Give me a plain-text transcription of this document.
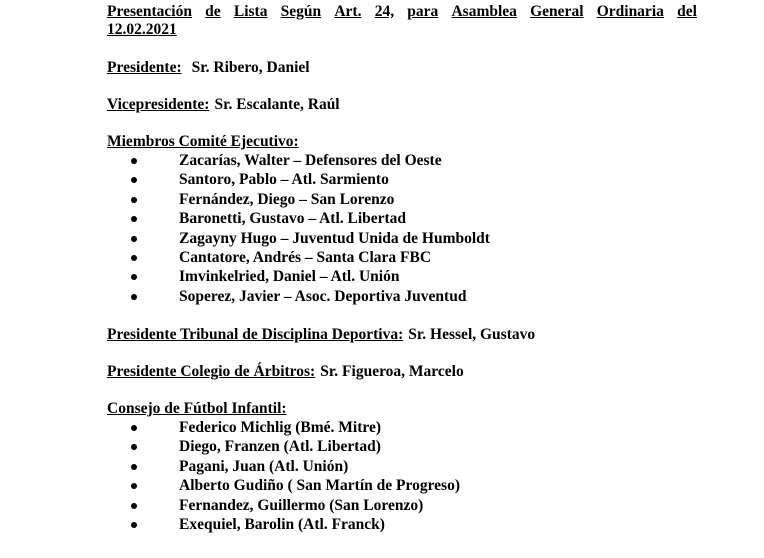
Presentación de Lista Según Art. 24, para Asamblea General Ordinaria del
12.02.2021
Presidente: Sr. Ribero, Daniel
Vicepresidente: Sr. Escalante, Raúl
Miembros Comité Ejecutivo:
Zacarías, Walter – Defensores del Oeste
Santoro, Pablo – Atl. Sarmiento
Fernández, Diego – San Lorenzo
Baronetti, Gustavo – Atl. Libertad
Zagayny Hugo – Juventud Unida de Humboldt
Cantatore, Andrés – Santa Clara FBC
Imvinkelried, Daniel – Atl. Unión
Soperez, Javier – Asoc. Deportiva Juventud
Presidente Tribunal de Disciplina Deportiva: Sr. Hessel, Gustavo
Presidente Colegio de Árbitros: Sr. Figueroa, Marcelo
Consejo de Fútbol Infantil:
Federico Michlig (Bmé. Mitre)
Diego, Franzen (Atl. Libertad)
Pagani, Juan (Atl. Unión)
Alberto Gudiño ( San Martín de Progreso)
Fernandez, Guillermo (San Lorenzo)
Exequiel, Barolin (Atl. Franck)
